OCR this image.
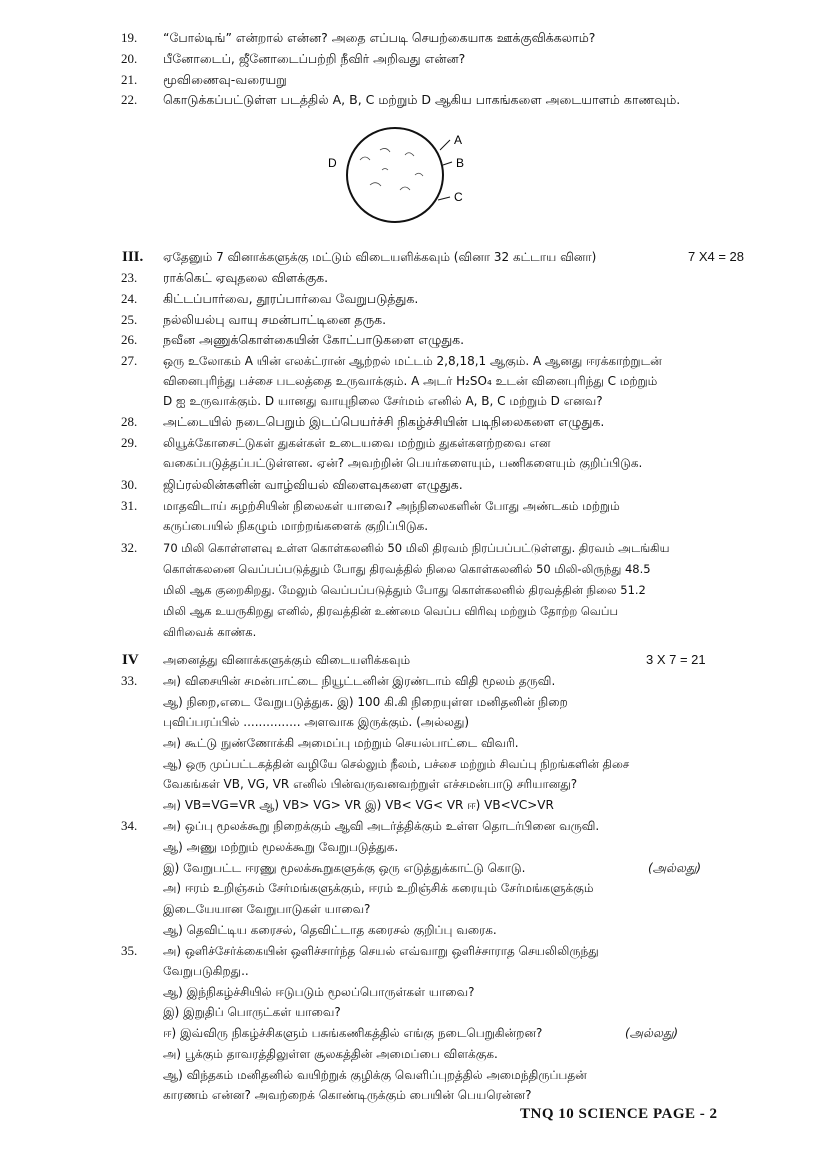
19. “போல்டிங்” என்றால் என்ன? அதை எப்படி செயற்கையாக ஊக்குவிக்கலாம்?
20. பீனோடைப், ஜீனோடைப்பற்றி நீவிர் அறிவது என்ன?
21. மூவிணைவு-வரையறு
22. கொடுக்கப்பட்டுள்ள படத்தில் A, B, C மற்றும் D ஆகிய பாகங்களை அடையாளம் காணவும்.
A
B
C
D
III. ஏதேனும் 7 வினாக்களுக்கு மட்டும் விடையளிக்கவும் (வினா 32 கட்டாய வினா)	7 X4 = 28
23. ராக்கெட் ஏவுதலை விளக்குக.
24. கிட்டப்பார்வை, தூரப்பார்வை வேறுபடுத்துக.
25. நல்லியல்பு வாயு சமன்பாட்டினை தருக.
26. நவீன அணுக்கொள்கையின் கோட்பாடுகளை எழுதுக.
27. ஒரு உலோகம் A யின் எலக்ட்ரான் ஆற்றல் மட்டம் 2,8,18,1 ஆகும். A ஆனது ஈரக்காற்றுடன்
வினைபுரிந்து பச்சை படலத்தை உருவாக்கும். A அடர் H₂SO₄ உடன் வினைபுரிந்து C மற்றும்
D ஐ உருவாக்கும். D யானது வாயுநிலை சேர்மம் எனில் A, B, C மற்றும் D எனவ?
28. அட்டையில் நடைபெறும் இடப்பெயர்ச்சி நிகழ்ச்சியின் படிநிலைகளை எழுதுக.
29. லியூக்கோசைட்டுகள் துகள்கள் உடையவை மற்றும் துகள்களற்றவை என
வகைப்படுத்தப்பட்டுள்ளன. ஏன்? அவற்றின் பெயர்களையும், பணிகளையும் குறிப்பிடுக.
30. ஜிப்ரல்லின்களின் வாழ்வியல் விளைவுகளை எழுதுக.
31. மாதவிடாய் சுழற்சியின் நிலைகள் யாவை? அந்நிலைகளின் போது அண்டகம் மற்றும்
கருப்பையில் நிகழும் மாற்றங்களைக் குறிப்பிடுக.
32. 70 மிலி கொள்ளளவு உள்ள கொள்கலனில் 50 மிலி திரவம் நிரப்பப்பட்டுள்ளது. திரவம் அடங்கிய
கொள்கலனை வெப்பப்படுத்தும் போது திரவத்தில் நிலை கொள்கலனில் 50 மிலி-லிருந்து 48.5
மிலி ஆக குறைகிறது. மேலும் வெப்பப்படுத்தும் போது கொள்கலனில் திரவத்தின் நிலை 51.2
மிலி ஆக உயருகிறது எனில், திரவத்தின் உண்மை வெப்ப விரிவு மற்றும் தோற்ற வெப்ப
விரிவைக் காண்க.
IV அனைத்து வினாக்களுக்கும் விடையளிக்கவும்	3 X 7 = 21
33. அ) விசையின் சமன்பாட்டை நியூட்டனின் இரண்டாம் விதி மூலம் தருவி.
ஆ) நிறை,எடை வேறுபடுத்துக. இ) 100 கி.கி நிறையுள்ள மனிதனின் நிறை
புவிப்பரப்பில் ............... அளவாக இருக்கும். (அல்லது)
அ) கூட்டு நுண்ணோக்கி அமைப்பு மற்றும் செயல்பாட்டை விவரி.
ஆ) ஒரு முப்பட்டகத்தின் வழியே செல்லும் நீலம், பச்சை மற்றும் சிவப்பு நிறங்களின் திசை
வேகங்கள் VB, VG, VR எனில் பின்வருவனவற்றுள் எச்சமன்பாடு சரியானது?
அ) VB=VG=VR ஆ) VB> VG> VR இ) VB< VG< VR ஈ) VB<VC>VR
34. அ) ஒப்பு மூலக்கூறு நிறைக்கும் ஆவி அடர்த்திக்கும் உள்ள தொடர்பினை வருவி.
ஆ) அணு மற்றும் மூலக்கூறு வேறுபடுத்துக.
இ) வேறுபட்ட ஈரணு மூலக்கூறுகளுக்கு ஒரு எடுத்துக்காட்டு கொடு.	(அல்லது)
அ) ஈரம் உறிஞ்சும் சேர்மங்களுக்கும், ஈரம் உறிஞ்சிக் கரையும் சேர்மங்களுக்கும்
இடையேயான வேறுபாடுகள் யாவை?
ஆ) தெவிட்டிய கரைசல், தெவிட்டாத கரைசல் குறிப்பு வரைக.
35. அ) ஒளிச்சேர்க்கையின் ஒளிச்சார்ந்த செயல் எவ்வாறு ஒளிச்சாராத செயலிலிருந்து
வேறுபடுகிறது..
ஆ) இந்நிகழ்ச்சியில் ஈடுபடும் மூலப்பொருள்கள் யாவை?
இ) இறுதிப் பொருட்கள் யாவை?
ஈ) இவ்விரு நிகழ்ச்சிகளும் பசுங்கணிகத்தில் எங்கு நடைபெறுகின்றன?	(அல்லது)
அ) பூக்கும் தாவரத்திலுள்ள சூலகத்தின் அமைப்பை விளக்குக.
ஆ) விந்தகம் மனிதனில் வயிற்றுக் குழிக்கு வெளிப்புறத்தில் அமைந்திருப்பதன்
காரணம் என்ன? அவற்றைக் கொண்டிருக்கும் பையின் பெயரென்ன?
TNQ 10 SCIENCE PAGE - 2
